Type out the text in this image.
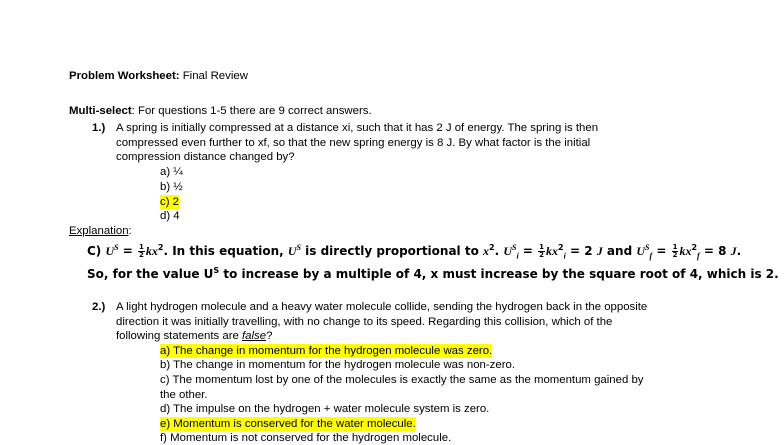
Problem Worksheet: Final Review
Multi-select: For questions 1-5 there are 9 correct answers.
1.) A spring is initially compressed at a distance xi, such that it has 2 J of energy. The spring is then
compressed even further to xf, so that the new spring energy is 8 J. By what factor is the initial
compression distance changed by?
a) ¼
b) ½
c) 2
d) 4
Explanation:
C) $U^S = \frac{1}{2} kx^2$. In this equation, $U^S$ is directly proportional to $x^2$. $U^S_i = \frac{1}{2} kx^2_i = 2$ J and $U^S_f = \frac{1}{2} kx^2_f = 8$ J.
So, for the value $U^S$ to increase by a multiple of 4, x must increase by the square root of 4, which is 2.
2.) A light hydrogen molecule and a heavy water molecule collide, sending the hydrogen back in the opposite
direction it was initially travelling, with no change to its speed. Regarding this collision, which of the
following statements are false?
a) The change in momentum for the hydrogen molecule was zero.
b) The change in momentum for the hydrogen molecule was non-zero.
c) The momentum lost by one of the molecules is exactly the same as the momentum gained by
the other.
d) The impulse on the hydrogen + water molecule system is zero.
e) Momentum is conserved for the water molecule.
f) Momentum is not conserved for the hydrogen molecule.
